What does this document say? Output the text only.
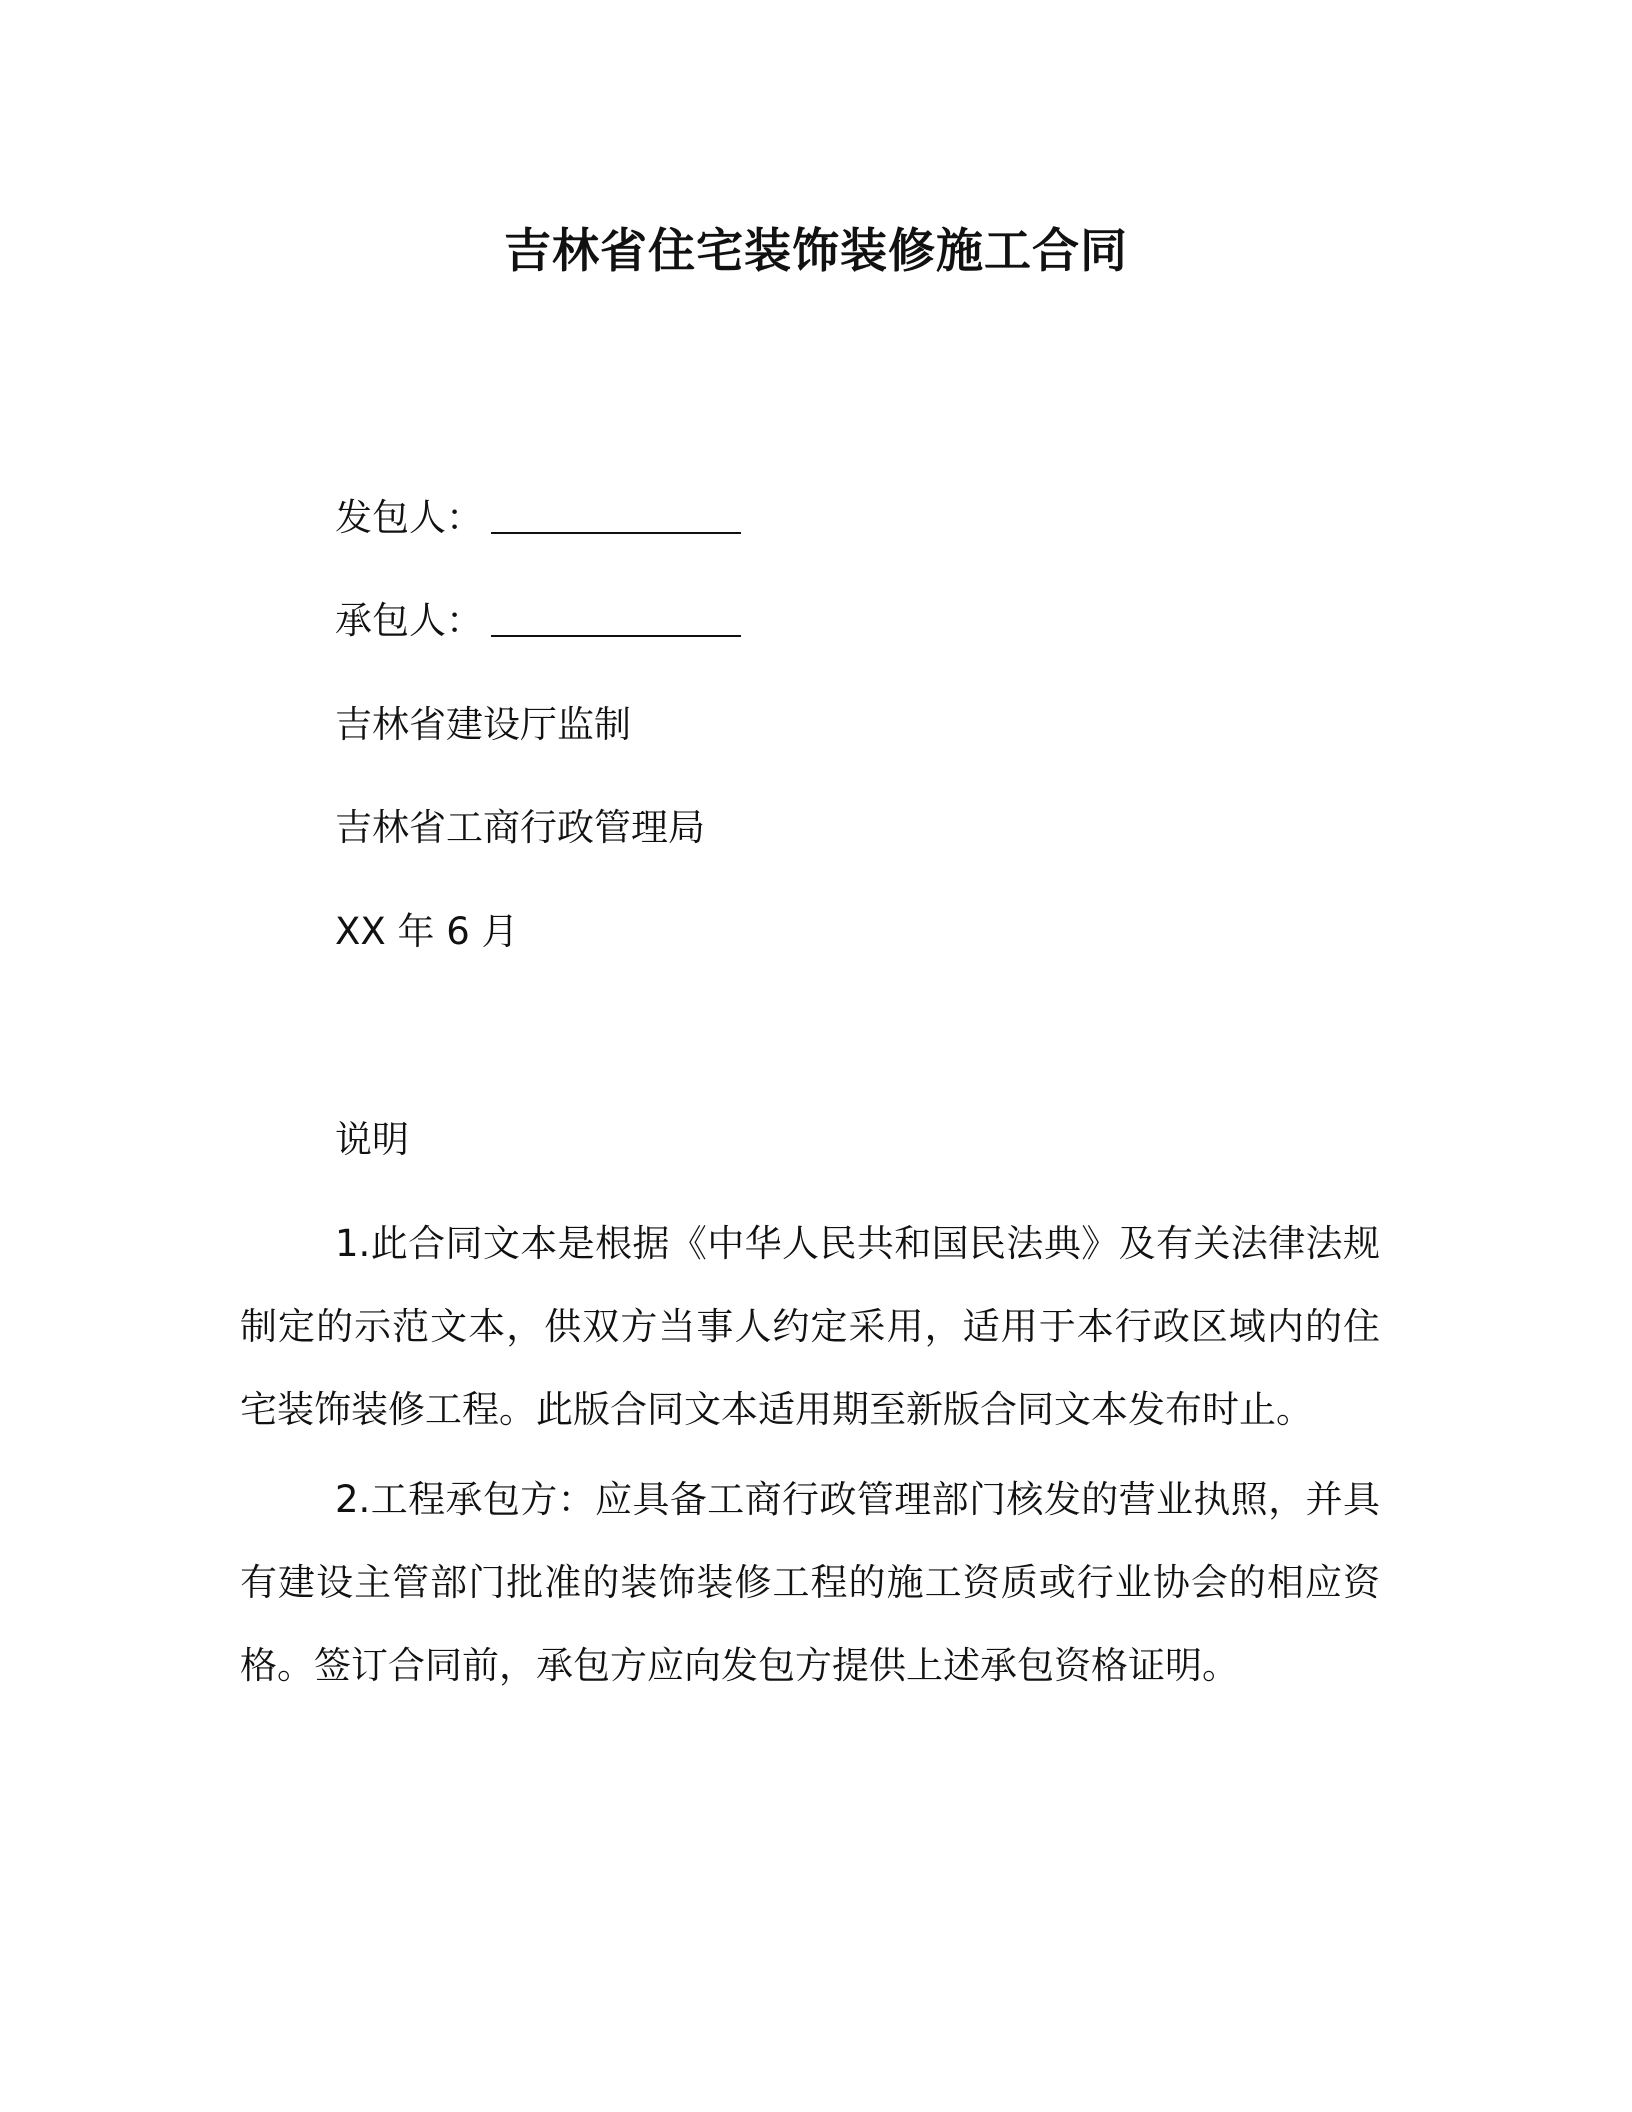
吉林省住宅装饰装修施工合同
发包人：
承包人：
吉林省建设厅监制
吉林省工商行政管理局
XX 年 6 月
说明
1.此合同文本是根据《中华人民共和国民法典》及有关法律法规制定的示范文本，供双方当事人约定采用，适用于本行政区域内的住宅装饰装修工程。此版合同文本适用期至新版合同文本发布时止。
2.工程承包方：应具备工商行政管理部门核发的营业执照，并具有建设主管部门批准的装饰装修工程的施工资质或行业协会的相应资格。签订合同前，承包方应向发包方提供上述承包资格证明。
